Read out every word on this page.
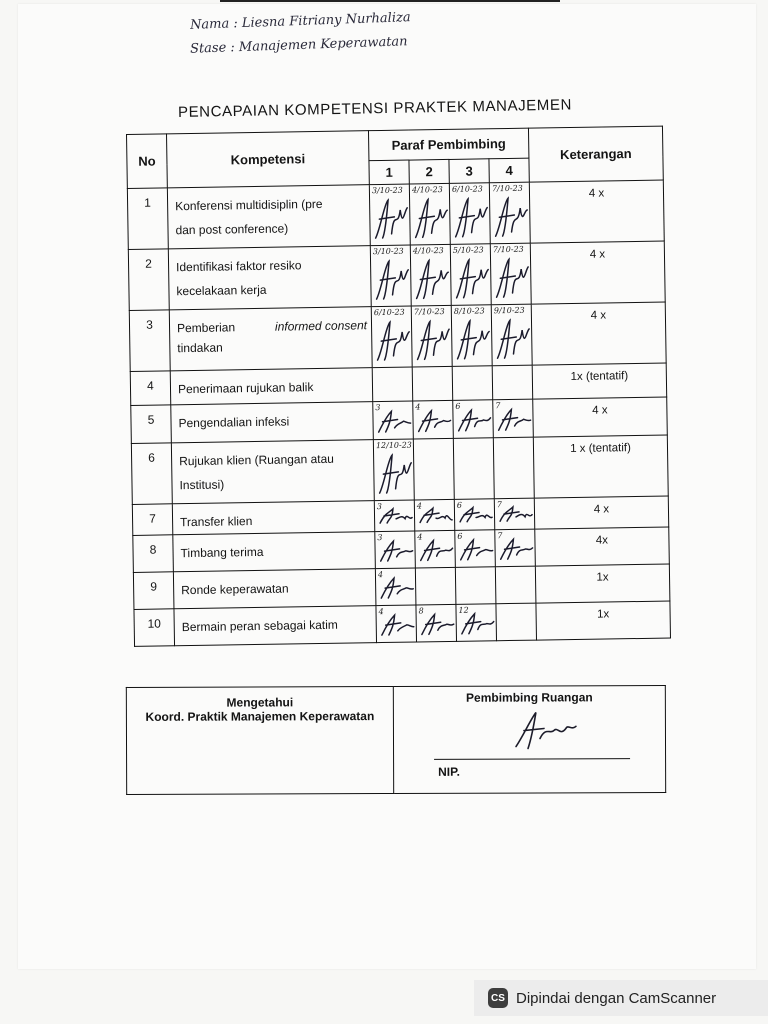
Nama : Liesna Fitriany Nurhaliza
Stase : Manajemen Keperawatan
PENCAPAIAN KOMPETENSI PRAKTEK MANAJEMEN
No	Kompetensi	Paraf Pembimbing				Keterangan
		1	2	3	4	
1	Konferensi multidisiplin (pre
dan post conference)	3/10-23	4/10-23	6/10-23	7/10-23	4 x
2	Identifikasi faktor resiko
kecelakaan kerja	3/10-23	4/10-23	5/10-23	7/10-23	4 x
3	Pemberian informed consent
tindakan	6/10-23	7/10-23	8/10-23	9/10-23	4 x
4	Penerimaan rujukan balik					1x (tentatif)
5	Pengendalian infeksi	3	4	6	7	4 x
6	Rujukan klien (Ruangan atau
Institusi)	12/10-23				1 x (tentatif)
7	Transfer klien	3	4	6	7	4 x
8	Timbang terima	3	4	6	7	4x
9	Ronde keperawatan	4				1x
10	Bermain peran sebagai katim	4	8	12		1x
Mengetahui
Koord. Praktik Manajemen Keperawatan

Pembimbing Ruangan
NIP.
CS Dipindai dengan CamScanner
